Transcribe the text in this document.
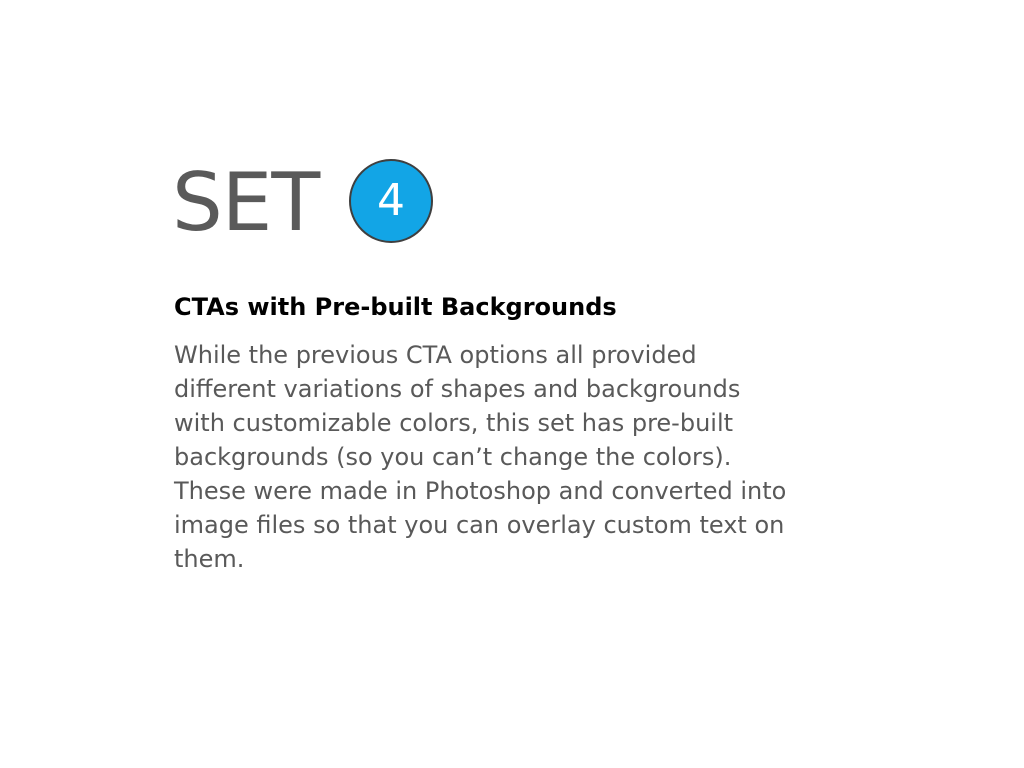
SET 4
CTAs with Pre-built Backgrounds
While the previous CTA options all provided
different variations of shapes and backgrounds
with customizable colors, this set has pre-built
backgrounds (so you can’t change the colors).
These were made in Photoshop and converted into
image files so that you can overlay custom text on
them.
